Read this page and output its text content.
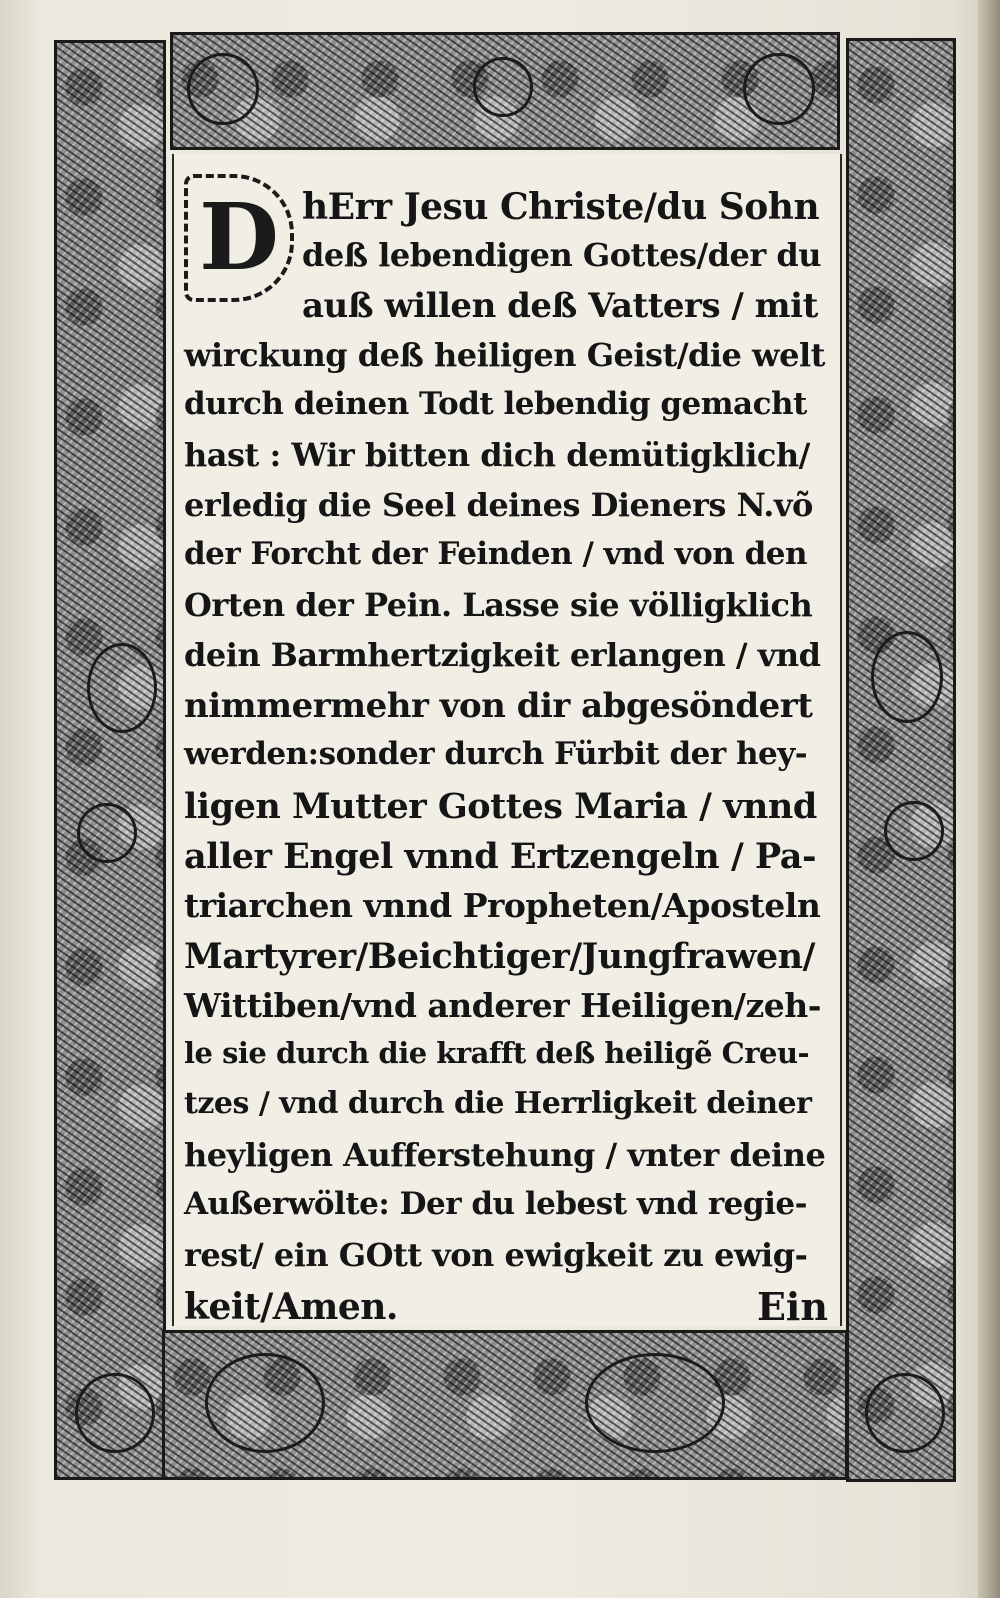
D hErr Jesu Christe/du Sohn
deß lebendigen Gottes/der du
auß willen deß Vatters / mit
wirckung deß heiligen Geist/die welt
durch deinen Todt lebendig gemacht
hast : Wir bitten dich demütigklich/
erledig die Seel deines Dieners N.võ
der Forcht der Feinden / vnd von den
Orten der Pein. Lasse sie völligklich
dein Barmhertzigkeit erlangen / vnd
nimmermehr von dir abgesöndert
werden:sonder durch Fürbit der hey-
ligen Mutter Gottes Maria / vnnd
aller Engel vnnd Ertzengeln / Pa-
triarchen vnnd Propheten/Aposteln
Martyrer/Beichtiger/Jungfrawen/
Wittiben/vnd anderer Heiligen/zeh-
le sie durch die krafft deß heiligẽ Creu-
tzes / vnd durch die Herrligkeit deiner
heyligen Aufferstehung / vnter deine
Außerwölte: Der du lebest vnd regie-
rest/ ein GOtt von ewigkeit zu ewig-
keit/Amen.	Ein
